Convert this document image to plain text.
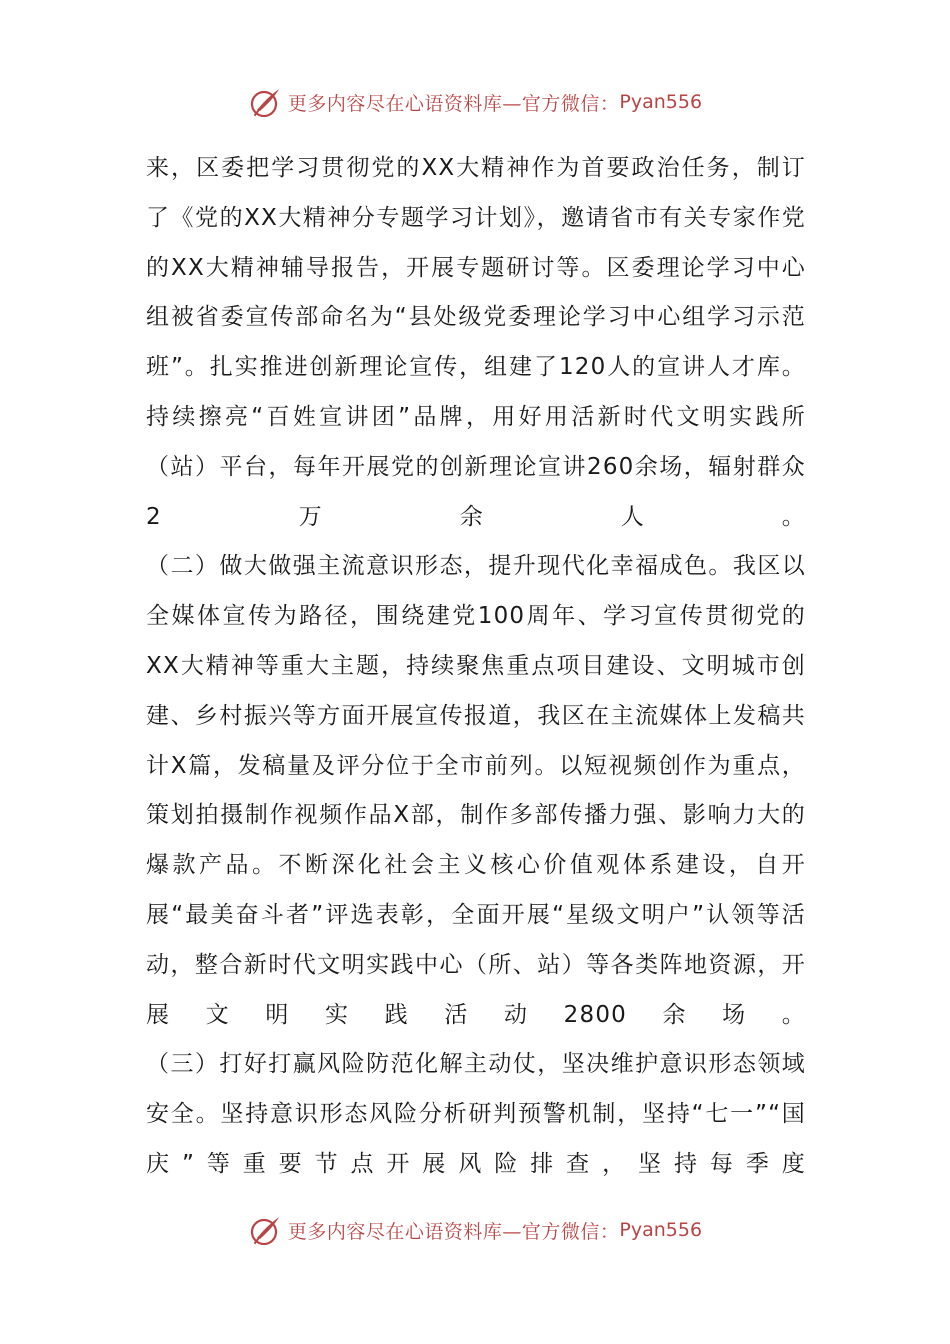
更多内容尽在心语资料库—官方微信： Pyan556

来，区委把学习贯彻党的XX大精神作为首要政治任务，制订了《党的XX大精神分专题学习计划》，邀请省市有关专家作党的XX大精神辅导报告，开展专题研讨等。区委理论学习中心组被省委宣传部命名为“县处级党委理论学习中心组学习示范班”。扎实推进创新理论宣传，组建了120人的宣讲人才库。持续擦亮“百姓宣讲团”品牌，用好用活新时代文明实践所（站）平台，每年开展党的创新理论宣讲260余场，辐射群众2万余人。

（二）做大做强主流意识形态，提升现代化幸福成色。我区以全媒体宣传为路径，围绕建党100周年、学习宣传贯彻党的XX大精神等重大主题，持续聚焦重点项目建设、文明城市创建、乡村振兴等方面开展宣传报道，我区在主流媒体上发稿共计X篇，发稿量及评分位于全市前列。以短视频创作为重点，策划拍摄制作视频作品X部，制作多部传播力强、影响力大的爆款产品。不断深化社会主义核心价值观体系建设，自开展“最美奋斗者”评选表彰，全面开展“星级文明户”认领等活动，整合新时代文明实践中心（所、站）等各类阵地资源，开展文明实践活动2800余场。

（三）打好打赢风险防范化解主动仗，坚决维护意识形态领域安全。坚持意识形态风险分析研判预警机制，坚持“七一”“国庆”等重要节点开展风险排查，坚持每季度

更多内容尽在心语资料库—官方微信： Pyan556
